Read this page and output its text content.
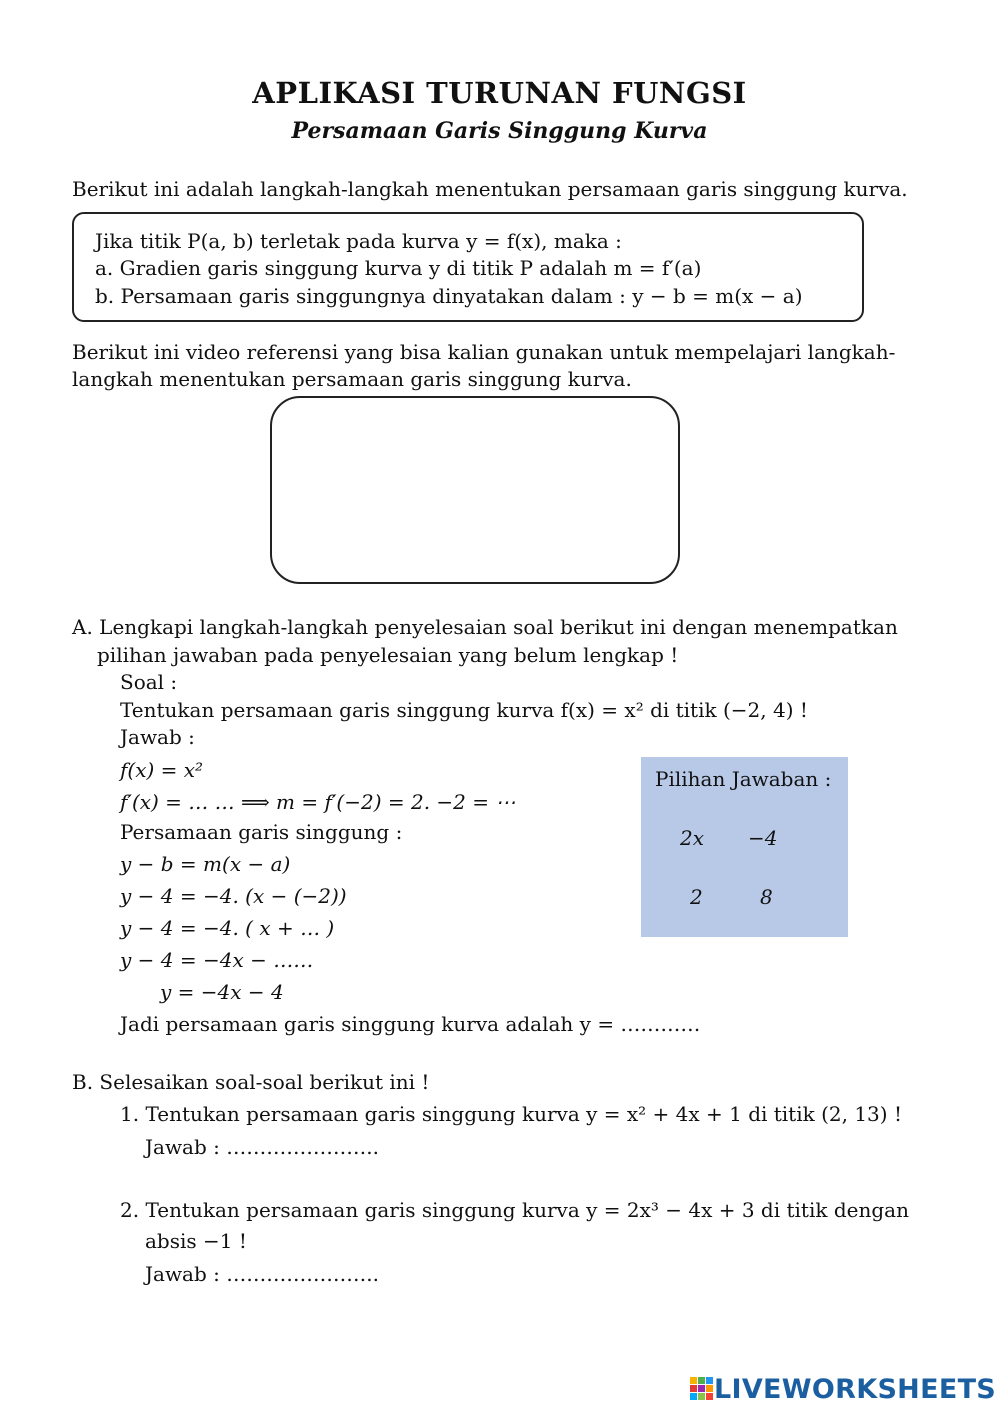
APLIKASI TURUNAN FUNGSI
Persamaan Garis Singgung Kurva
Berikut ini adalah langkah-langkah menentukan persamaan garis singgung kurva.
Jika titik P(a, b) terletak pada kurva y = f(x), maka :
a. Gradien garis singgung kurva y di titik P adalah m = f′(a)
b. Persamaan garis singgungnya dinyatakan dalam : y − b = m(x − a)
Berikut ini video referensi yang bisa kalian gunakan untuk mempelajari langkah-
langkah menentukan persamaan garis singgung kurva.
A. Lengkapi langkah-langkah penyelesaian soal berikut ini dengan menempatkan
pilihan jawaban pada penyelesaian yang belum lengkap !
Soal :
Tentukan persamaan garis singgung kurva f(x) = x² di titik (−2, 4) !
Jawab :
f(x) = x²
f′(x) = … … ⟹ m = f′(−2) = 2. −2 = ⋯
Persamaan garis singgung :
y − b = m(x − a)
y − 4 = −4. (x − (−2))
y − 4 = −4. ( x + … )
y − 4 = −4x − ……
y = −4x − 4
Jadi persamaan garis singgung kurva adalah y = …………
Pilihan Jawaban :
2x −4
2	8
B. Selesaikan soal-soal berikut ini !
1. Tentukan persamaan garis singgung kurva y = x² + 4x + 1 di titik (2, 13) !
Jawab : …………………..
2. Tentukan persamaan garis singgung kurva y = 2x³ − 4x + 3 di titik dengan
absis −1 !
Jawab : …………………..
LIVEWORKSHEETS
